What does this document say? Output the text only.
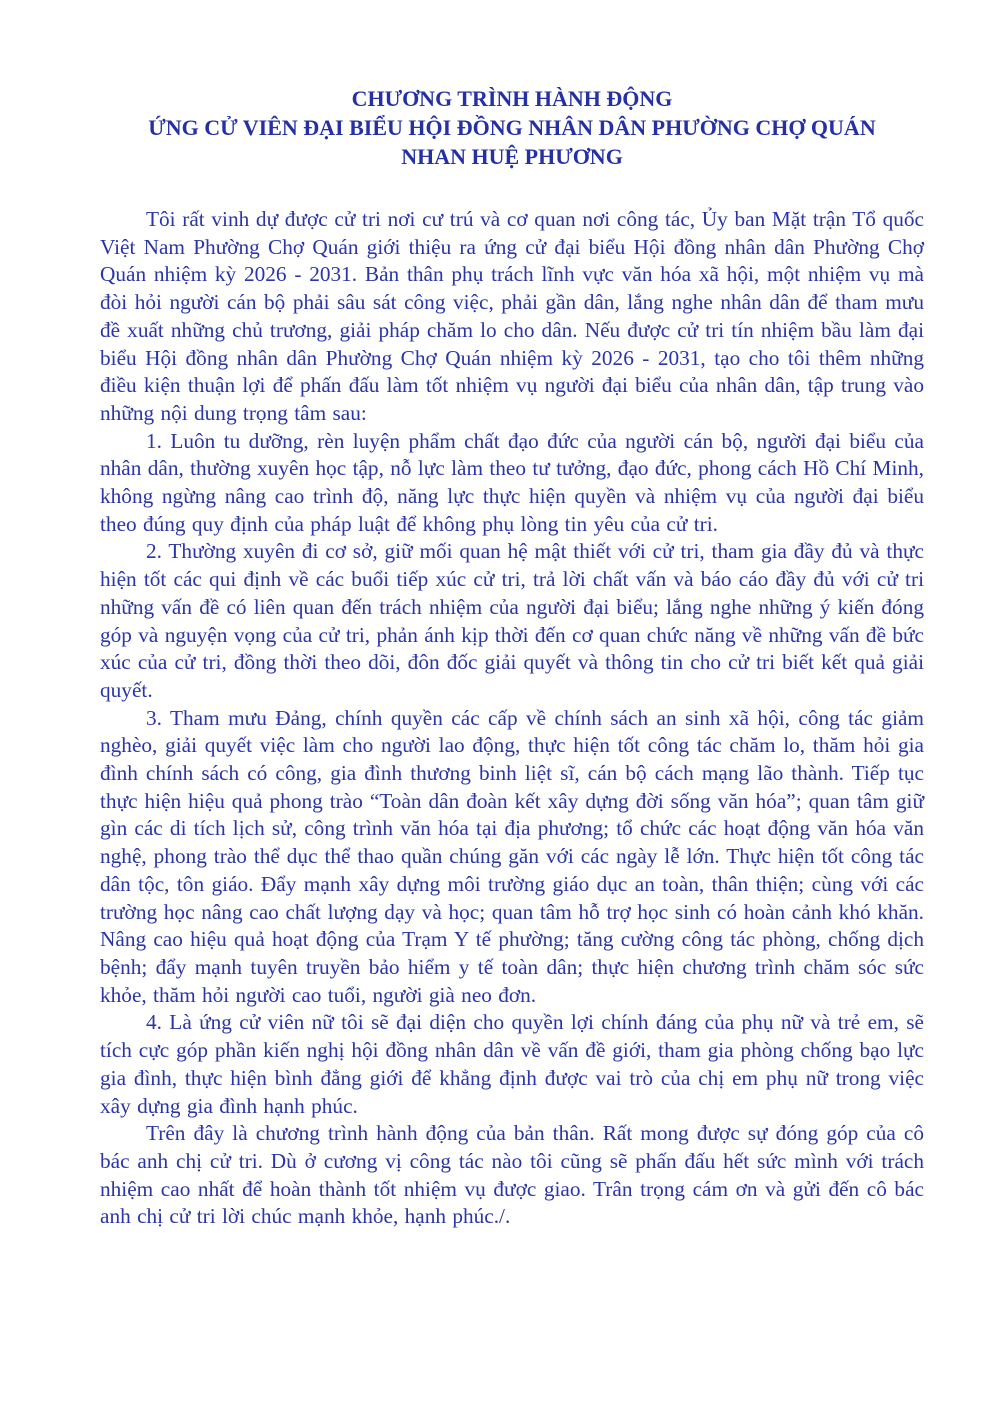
CHƯƠNG TRÌNH HÀNH ĐỘNG
ỨNG CỬ VIÊN ĐẠI BIỂU HỘI ĐỒNG NHÂN DÂN PHƯỜNG CHỢ QUÁN
NHAN HUỆ PHƯƠNG

Tôi rất vinh dự được cử tri nơi cư trú và cơ quan nơi công tác, Ủy ban Mặt trận Tổ quốc Việt Nam Phường Chợ Quán giới thiệu ra ứng cử đại biểu Hội đồng nhân dân Phường Chợ Quán nhiệm kỳ 2026 - 2031. Bản thân phụ trách lĩnh vực văn hóa xã hội, một nhiệm vụ mà đòi hỏi người cán bộ phải sâu sát công việc, phải gần dân, lắng nghe nhân dân để tham mưu đề xuất những chủ trương, giải pháp chăm lo cho dân. Nếu được cử tri tín nhiệm bầu làm đại biểu Hội đồng nhân dân Phường Chợ Quán nhiệm kỳ 2026 - 2031, tạo cho tôi thêm những điều kiện thuận lợi để phấn đấu làm tốt nhiệm vụ người đại biểu của nhân dân, tập trung vào những nội dung trọng tâm sau:

1. Luôn tu dưỡng, rèn luyện phẩm chất đạo đức của người cán bộ, người đại biểu của nhân dân, thường xuyên học tập, nỗ lực làm theo tư tưởng, đạo đức, phong cách Hồ Chí Minh, không ngừng nâng cao trình độ, năng lực thực hiện quyền và nhiệm vụ của người đại biểu theo đúng quy định của pháp luật để không phụ lòng tin yêu của cử tri.

2. Thường xuyên đi cơ sở, giữ mối quan hệ mật thiết với cử tri, tham gia đầy đủ và thực hiện tốt các qui định về các buổi tiếp xúc cử tri, trả lời chất vấn và báo cáo đầy đủ với cử tri những vấn đề có liên quan đến trách nhiệm của người đại biểu; lắng nghe những ý kiến đóng góp và nguyện vọng của cử tri, phản ánh kịp thời đến cơ quan chức năng về những vấn đề bức xúc của cử tri, đồng thời theo dõi, đôn đốc giải quyết và thông tin cho cử tri biết kết quả giải quyết.

3. Tham mưu Đảng, chính quyền các cấp về chính sách an sinh xã hội, công tác giảm nghèo, giải quyết việc làm cho người lao động, thực hiện tốt công tác chăm lo, thăm hỏi gia đình chính sách có công, gia đình thương binh liệt sĩ, cán bộ cách mạng lão thành. Tiếp tục thực hiện hiệu quả phong trào “Toàn dân đoàn kết xây dựng đời sống văn hóa”; quan tâm giữ gìn các di tích lịch sử, công trình văn hóa tại địa phương; tổ chức các hoạt động văn hóa văn nghệ, phong trào thể dục thể thao quần chúng găn với các ngày lễ lớn. Thực hiện tốt công tác dân tộc, tôn giáo. Đẩy mạnh xây dựng môi trường giáo dục an toàn, thân thiện; cùng với các trường học nâng cao chất lượng dạy và học; quan tâm hỗ trợ học sinh có hoàn cảnh khó khăn. Nâng cao hiệu quả hoạt động của Trạm Y tế phường; tăng cường công tác phòng, chống dịch bệnh; đẩy mạnh tuyên truyền bảo hiểm y tế toàn dân; thực hiện chương trình chăm sóc sức khỏe, thăm hỏi người cao tuổi, người già neo đơn.

4. Là ứng cử viên nữ tôi sẽ đại diện cho quyền lợi chính đáng của phụ nữ và trẻ em, sẽ tích cực góp phần kiến nghị hội đồng nhân dân về vấn đề giới, tham gia phòng chống bạo lực gia đình, thực hiện bình đẳng giới để khẳng định được vai trò của chị em phụ nữ trong việc xây dựng gia đình hạnh phúc.

Trên đây là chương trình hành động của bản thân. Rất mong được sự đóng góp của cô bác anh chị cử tri. Dù ở cương vị công tác nào tôi cũng sẽ phấn đấu hết sức mình với trách nhiệm cao nhất để hoàn thành tốt nhiệm vụ được giao. Trân trọng cám ơn và gửi đến cô bác anh chị cử tri lời chúc mạnh khỏe, hạnh phúc./.
